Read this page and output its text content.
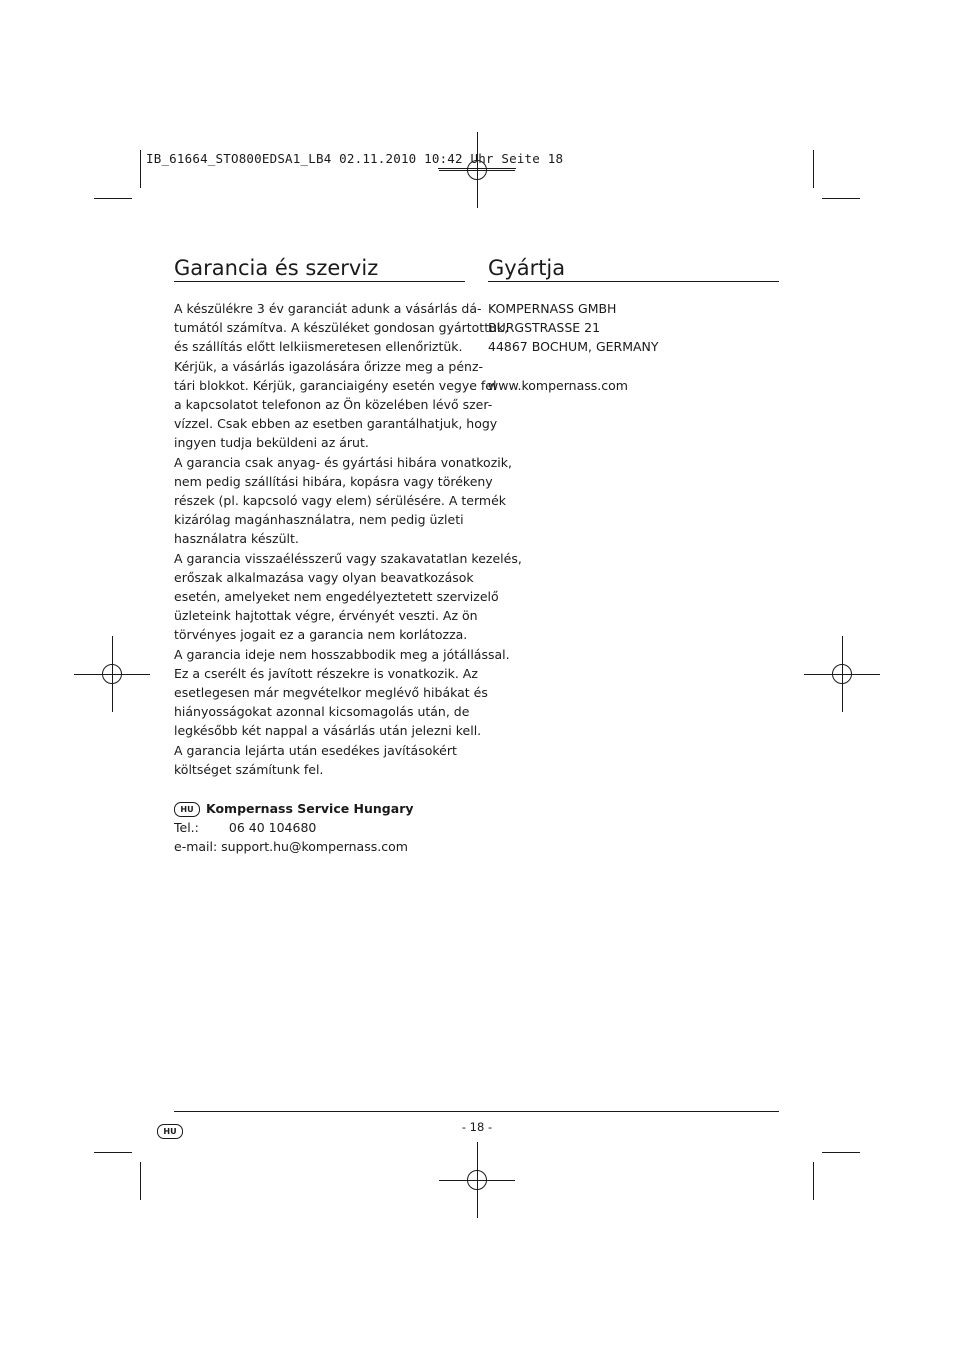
IB_61664_STO800EDSA1_LB4 02.11.2010 10:42 Uhr Seite 18
Garancia és szerviz
A készülékre 3 év garanciát adunk a vásárlás dá-
tumától számítva. A készüléket gondosan gyártottuk,
és szállítás előtt lelkiismeretesen ellenőriztük.
Kérjük, a vásárlás igazolására őrizze meg a pénz-
tári blokkot. Kérjük, garanciaigény esetén vegye fel
a kapcsolatot telefonon az Ön közelében lévő szer-
vízzel. Csak ebben az esetben garantálhatjuk, hogy
ingyen tudja beküldeni az árut.
A garancia csak anyag- és gyártási hibára vonatkozik,
nem pedig szállítási hibára, kopásra vagy törékeny
részek (pl. kapcsoló vagy elem) sérülésére. A termék
kizárólag magánhasználatra, nem pedig üzleti
használatra készült.
A garancia visszaélésszerű vagy szakavatatlan kezelés,
erőszak alkalmazása vagy olyan beavatkozások
esetén, amelyeket nem engedélyeztetett szervizelő
üzleteink hajtottak végre, érvényét veszti. Az ön
törvényes jogait ez a garancia nem korlátozza.
A garancia ideje nem hosszabbodik meg a jótállással.
Ez a cserélt és javított részekre is vonatkozik. Az
esetlegesen már megvételkor meglévő hibákat és
hiányosságokat azonnal kicsomagolás után, de
legkésőbb két nappal a vásárlás után jelezni kell.
A garancia lejárta után esedékes javításokért
költséget számítunk fel.
HU Kompernass Service Hungary
Tel.: 06 40 104680
e-mail: support.hu@kompernass.com
Gyártja
KOMPERNASS GMBH
BURGSTRASSE 21
44867 BOCHUM, GERMANY
www.kompernass.com
HU	- 18 -
